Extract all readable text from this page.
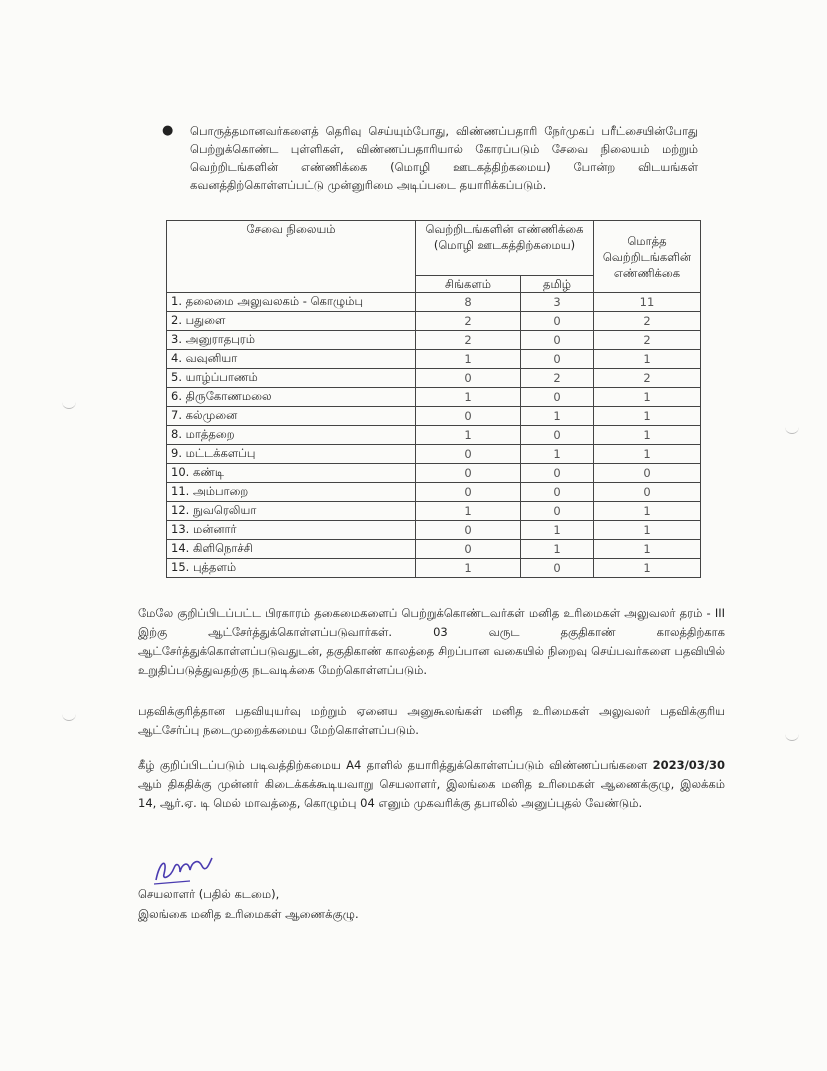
● பொருத்தமானவர்களைத் தெரிவு செய்யும்போது, விண்ணப்பதாரி நேர்முகப் பரீட்சையின்போது பெற்றுக்கொண்ட புள்ளிகள், விண்ணப்பதாரியால் கோரப்படும் சேவை நிலையம் மற்றும் வெற்றிடங்களின் எண்ணிக்கை (மொழி ஊடகத்திற்கமைய) போன்ற விடயங்கள் கவனத்திற்கொள்ளப்பட்டு முன்னுரிமை அடிப்படை தயாரிக்கப்படும்.
சேவை நிலையம்	வெற்றிடங்களின் எண்ணிக்கை (மொழி ஊடகத்திற்கமைய)		மொத்த வெற்றிடங்களின் எண்ணிக்கை
	சிங்களம்	தமிழ்	
1. தலைமை அலுவலகம் - கொழும்பு	8	3	11
2. பதுளை	2	0	2
3. அனுராதபுரம்	2	0	2
4. வவுனியா	1	0	1
5. யாழ்ப்பாணம்	0	2	2
6. திருகோணமலை	1	0	1
7. கல்முனை	0	1	1
8. மாத்தறை	1	0	1
9. மட்டக்களப்பு	0	1	1
10. கண்டி	0	0	0
11. அம்பாறை	0	0	0
12. நுவரெலியா	1	0	1
13. மன்னார்	0	1	1
14. கிளிநொச்சி	0	1	1
15. புத்தளம்	1	0	1
மேலே குறிப்பிடப்பட்ட பிரகாரம் தகைமைகளைப் பெற்றுக்கொண்டவர்கள் மனித உரிமைகள் அலுவலர் தரம் - III இற்கு ஆட்சேர்த்துக்கொள்ளப்படுவார்கள். 03 வருட தகுதிகாண் காலத்திற்காக ஆட்சேர்த்துக்கொள்ளப்படுவதுடன், தகுதிகாண் காலத்தை சிறப்பான வகையில் நிறைவு செய்பவர்களை பதவியில் உறுதிப்படுத்துவதற்கு நடவடிக்கை மேற்கொள்ளப்படும்.
பதவிக்குரித்தான பதவியுயர்வு மற்றும் ஏனைய அனுகூலங்கள் மனித உரிமைகள் அலுவலர் பதவிக்குரிய ஆட்சேர்ப்பு நடைமுறைக்கமைய மேற்கொள்ளப்படும்.
கீழ் குறிப்பிடப்படும் படிவத்திற்கமைய A4 தாளில் தயாரித்துக்கொள்ளப்படும் விண்ணப்பங்களை 2023/03/30 ஆம் திகதிக்கு முன்னர் கிடைக்கக்கூடியவாறு செயலாளர், இலங்கை மனித உரிமைகள் ஆணைக்குழு, இலக்கம் 14, ஆர்.ஏ. டி மெல் மாவத்தை, கொழும்பு 04 எனும் முகவரிக்கு தபாலில் அனுப்புதல் வேண்டும்.
செயலாளர் (பதில் கடமை),
இலங்கை மனித உரிமைகள் ஆணைக்குழு.
